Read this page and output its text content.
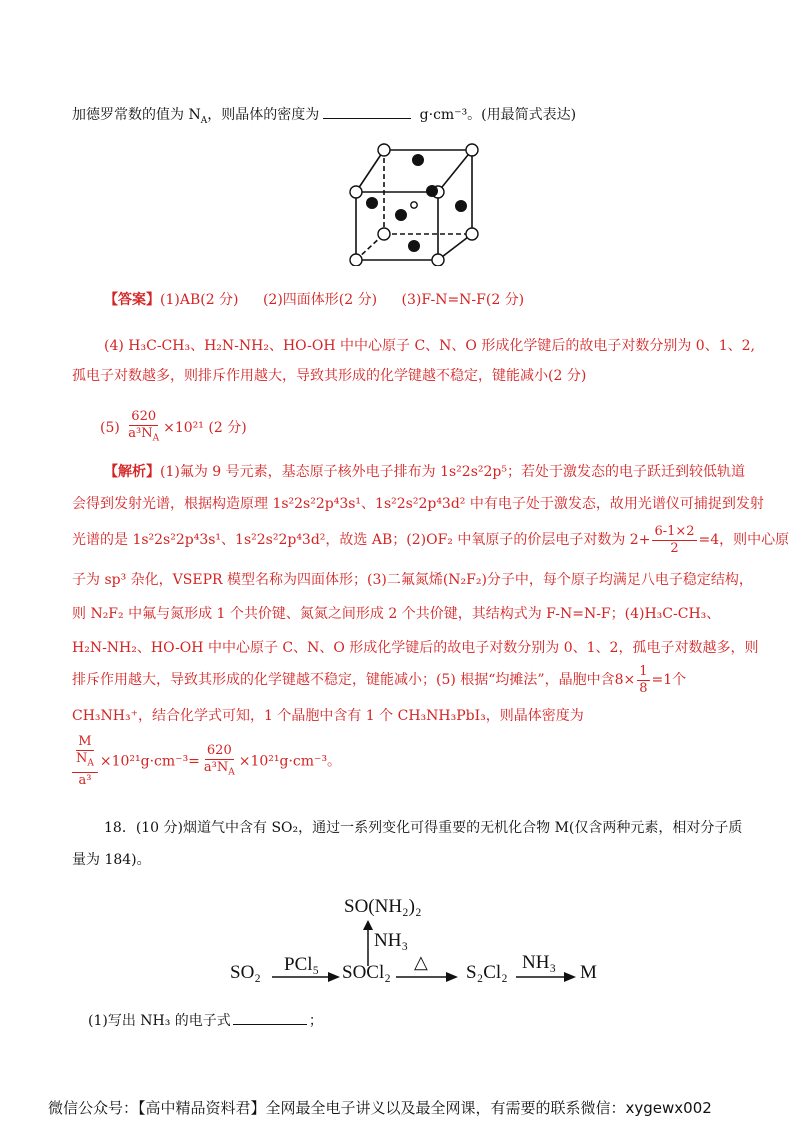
加德罗常数的值为 $N_A$，则晶体的密度为	g·cm⁻³。(用最简式表达)
【答案】(1)AB(2 分) (2)四面体形(2 分) (3)F-N=N-F(2 分)
(4) H₃C-CH₃、H₂N-NH₂、HO-OH 中中心原子 C、N、O 形成化学键后的故电子对数分别为 0、1、2,
孤电子对数越多，则排斥作用越大，导致其形成的化学键越不稳定，键能减小(2 分)
$(5) \frac{620}{a^3N_A} \times 10^{21}$ (2 分)
【解析】(1)氟为 9 号元素，基态原子核外电子排布为 1s²2s²2p⁵；若处于激发态的电子跃迁到较低轨道
会得到发射光谱，根据构造原理 1s²2s²2p⁴3s¹、1s²2s²2p⁴3d² 中有电子处于激发态，故用光谱仪可捕捉到发射
光谱的是 1s²2s²2p⁴3s¹、1s²2s²2p⁴3d²，故选 AB；(2)OF₂ 中氧原子的价层电子对数为 $2+ \frac{6-1\times 2}{2} =4$，则中心原
子为 sp³ 杂化，VSEPR 模型名称为四面体形；(3)二氟氮烯(N₂F₂)分子中，每个原子均满足八电子稳定结构，
则 N₂F₂ 中氟与氮形成 1 个共价键、氮氮之间形成 2 个共价键，其结构式为 F-N=N-F；(4)H₃C-CH₃、
H₂N-NH₂、HO-OH 中中心原子 C、N、O 形成化学键后的故电子对数分别为 0、1、2，孤电子对数越多，则
排斥作用越大，导致其形成的化学键越不稳定，键能减小；(5) 根据“均摊法”，晶胞中含$8\times \frac{1}{8} =1$个
CH₃NH₃⁺，结合化学式可知，1 个晶胞中含有 1 个 CH₃NH₃PbI₃，则晶体密度为
$\frac{\frac{M}{N_A}}{\text{a³}} \times 10^{21}g\cdot cm^{-3}= \frac{620}{a^3N_A} \times 10^{21}g\cdot cm^{-3}$。
18．(10 分)烟道气中含有 SO₂，通过一系列变化可得重要的无机化合物 M(仅含两种元素，相对分子质
量为 184)。
SO(NH₂)₂
NH₃
SO₂ PCl₅ SOCl₂ △ S₂Cl₂ NH₃ M
(1)写出 NH₃ 的电子式	；
微信公众号：【高中精品资料君】全网最全电子讲义以及最全网课，有需要的联系微信：xygewx002
